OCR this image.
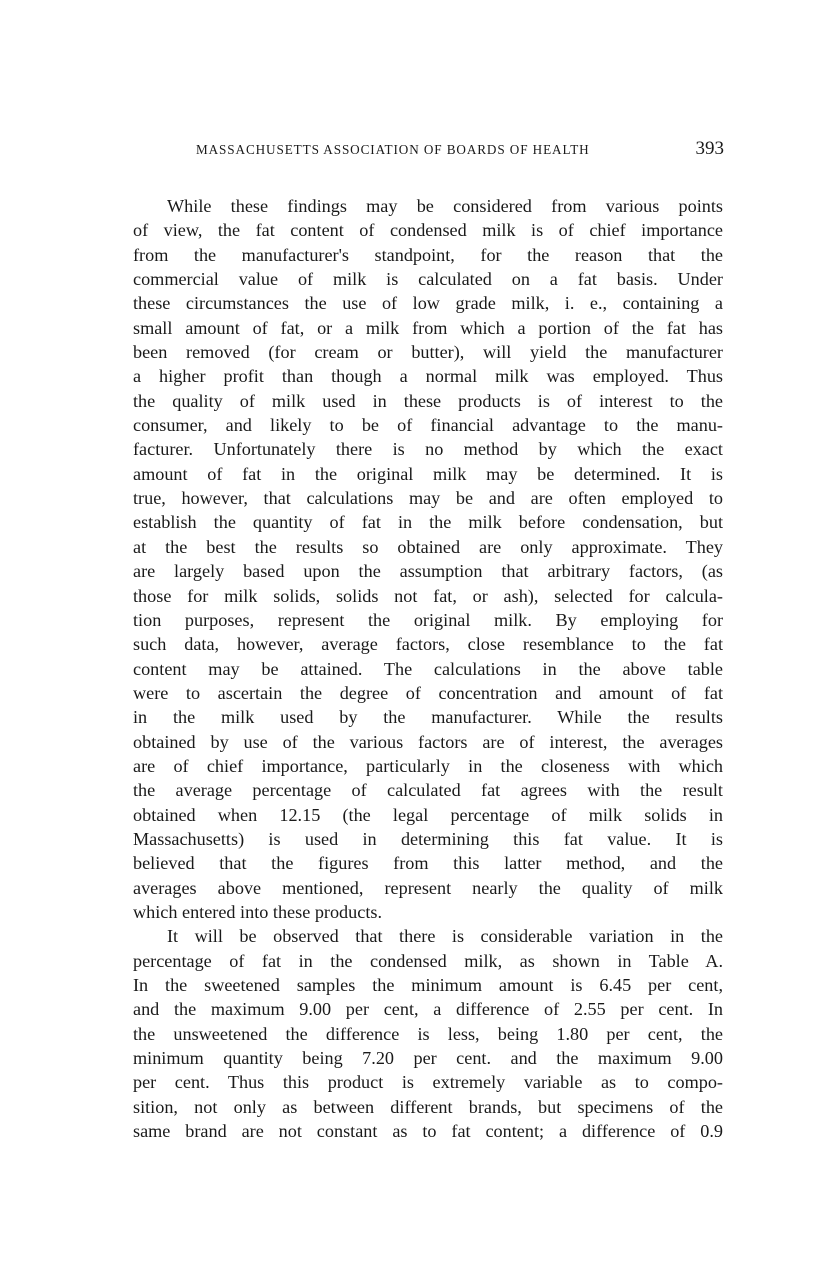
MASSACHUSETTS ASSOCIATION OF BOARDS OF HEALTH	393
While these findings may be considered from various points
of view, the fat content of condensed milk is of chief importance
from the manufacturer's standpoint, for the reason that the
commercial value of milk is calculated on a fat basis. Under
these circumstances the use of low grade milk, i. e., containing a
small amount of fat, or a milk from which a portion of the fat has
been removed (for cream or butter), will yield the manufacturer
a higher profit than though a normal milk was employed. Thus
the quality of milk used in these products is of interest to the
consumer, and likely to be of financial advantage to the manu-
facturer. Unfortunately there is no method by which the exact
amount of fat in the original milk may be determined. It is
true, however, that calculations may be and are often employed to
establish the quantity of fat in the milk before condensation, but
at the best the results so obtained are only approximate. They
are largely based upon the assumption that arbitrary factors, (as
those for milk solids, solids not fat, or ash), selected for calcula-
tion purposes, represent the original milk. By employing for
such data, however, average factors, close resemblance to the fat
content may be attained. The calculations in the above table
were to ascertain the degree of concentration and amount of fat
in the milk used by the manufacturer. While the results
obtained by use of the various factors are of interest, the averages
are of chief importance, particularly in the closeness with which
the average percentage of calculated fat agrees with the result
obtained when 12.15 (the legal percentage of milk solids in
Massachusetts) is used in determining this fat value. It is
believed that the figures from this latter method, and the
averages above mentioned, represent nearly the quality of milk
which entered into these products.
It will be observed that there is considerable variation in the
percentage of fat in the condensed milk, as shown in Table A.
In the sweetened samples the minimum amount is 6.45 per cent,
and the maximum 9.00 per cent, a difference of 2.55 per cent. In
the unsweetened the difference is less, being 1.80 per cent, the
minimum quantity being 7.20 per cent. and the maximum 9.00
per cent. Thus this product is extremely variable as to compo-
sition, not only as between different brands, but specimens of the
same brand are not constant as to fat content; a difference of 0.9
